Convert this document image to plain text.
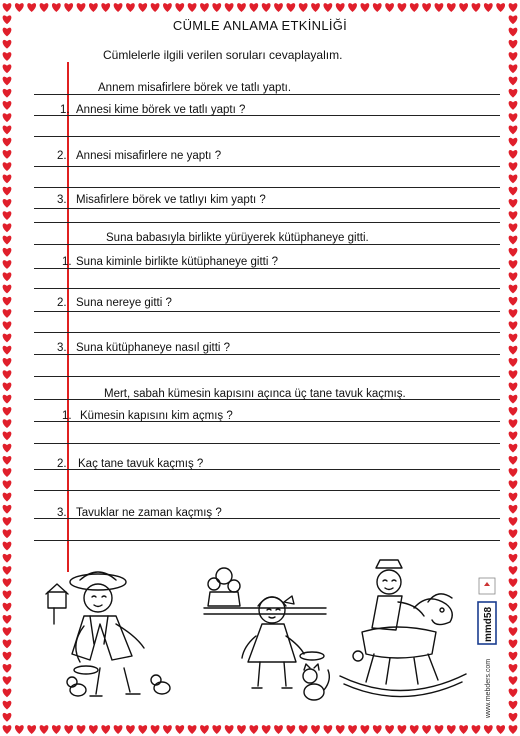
CÜMLE ANLAMA ETKİNLİĞİ
Cümlelerle ilgili verilen soruları cevaplayalım.
Annem misafirlere börek ve tatlı yaptı.
1. Annesi kime börek ve tatlı yaptı ?
2. Annesi misafirlere ne yaptı ?
3. Misafirlere börek ve tatlıyı kim yaptı ?
Suna babasıyla birlikte yürüyerek kütüphaneye gitti.
1. Suna kiminle birlikte kütüphaneye gitti ?
2. Suna nereye gitti ?
3. Suna kütüphaneye nasıl gitti ?
Mert, sabah kümesin kapısını açınca üç tane tavuk kaçmış.
1. Kümesin kapısını kim açmış ?
2. Kaç tane tavuk kaçmış ?
3. Tavuklar ne zaman kaçmış ?
mmd58
www.mebders.com
